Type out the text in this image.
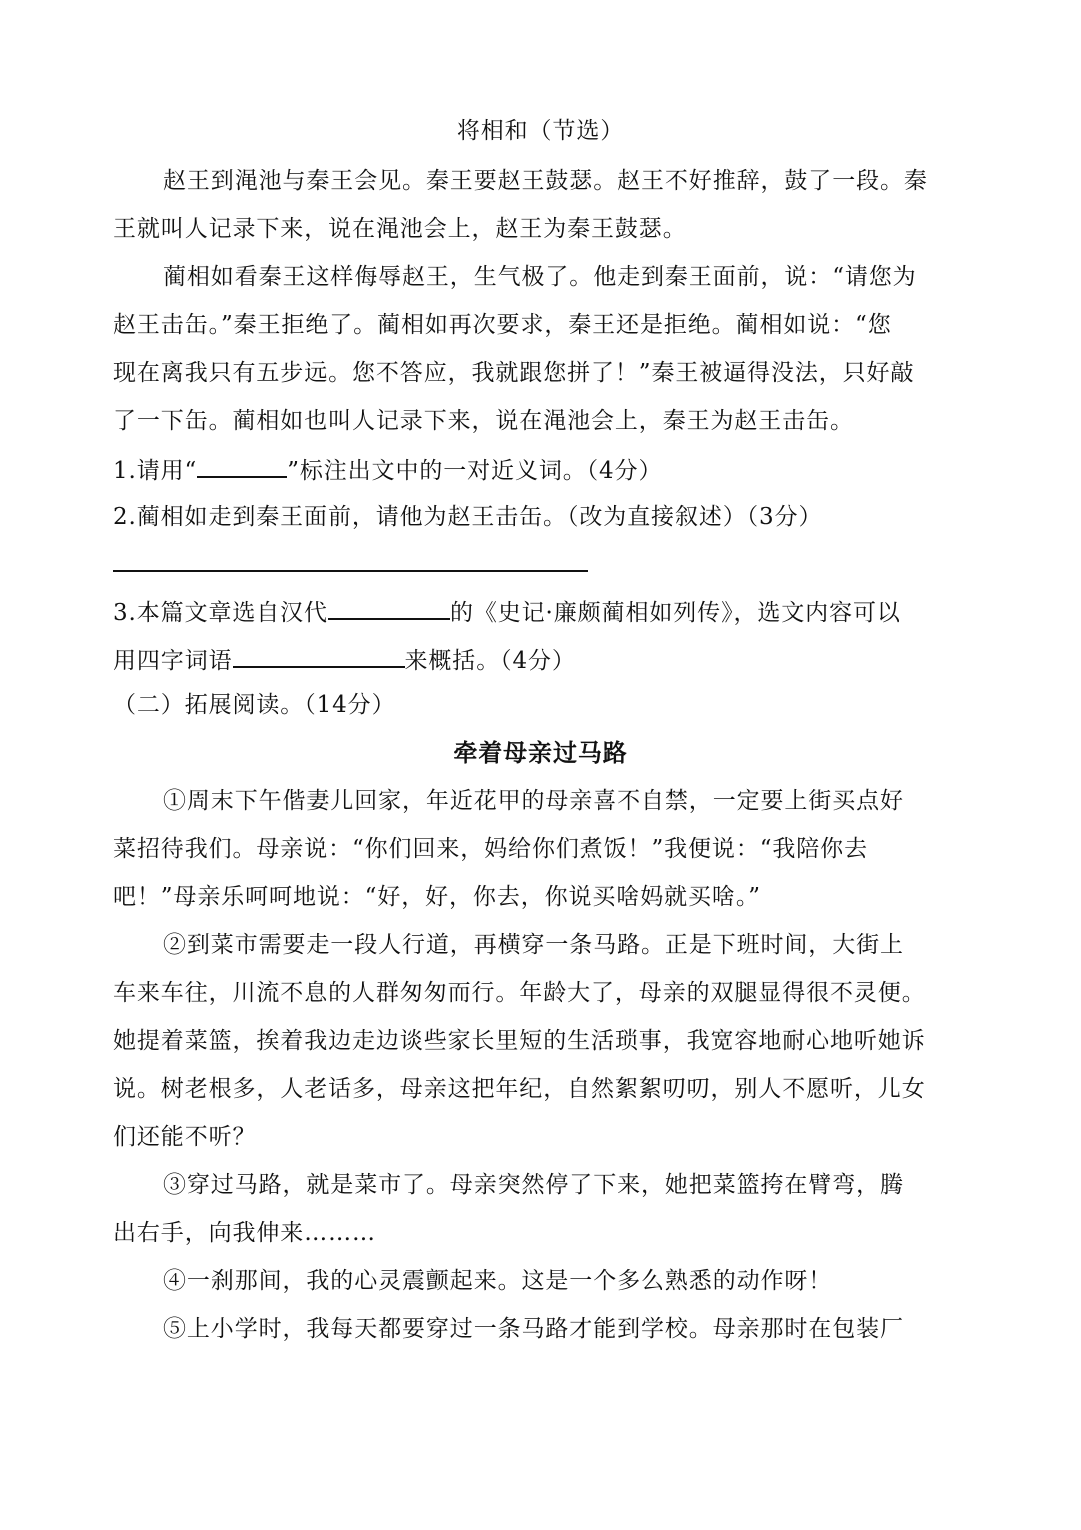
将相和（节选）
赵王到渑池与秦王会见。秦王要赵王鼓瑟。赵王不好推辞，鼓了一段。秦
王就叫人记录下来，说在渑池会上，赵王为秦王鼓瑟。
蔺相如看秦王这样侮辱赵王，生气极了。他走到秦王面前，说：“请您为
赵王击缶。”秦王拒绝了。蔺相如再次要求，秦王还是拒绝。蔺相如说：“您
现在离我只有五步远。您不答应，我就跟您拼了！”秦王被逼得没法，只好敲
了一下缶。蔺相如也叫人记录下来，说在渑池会上，秦王为赵王击缶。
1.请用“	”标注出文中的一对近义词。（4分）
2.蔺相如走到秦王面前，请他为赵王击缶。（改为直接叙述）（3分）
3.本篇文章选自汉代	的《史记·廉颇蔺相如列传》，选文内容可以
用四字词语	来概括。（4分）
（二）拓展阅读。（14分）
牵着母亲过马路
①周末下午偕妻儿回家，年近花甲的母亲喜不自禁，一定要上街买点好
菜招待我们。母亲说：“你们回来，妈给你们煮饭！”我便说：“我陪你去
吧！”母亲乐呵呵地说：“好，好，你去，你说买啥妈就买啥。”
②到菜市需要走一段人行道，再横穿一条马路。正是下班时间，大街上
车来车往，川流不息的人群匆匆而行。年龄大了，母亲的双腿显得很不灵便。
她提着菜篮，挨着我边走边谈些家长里短的生活琐事，我宽容地耐心地听她诉
说。树老根多，人老话多，母亲这把年纪，自然絮絮叨叨，别人不愿听，儿女
们还能不听？
③穿过马路，就是菜市了。母亲突然停了下来，她把菜篮挎在臂弯，腾
出右手，向我伸来………
④一刹那间，我的心灵震颤起来。这是一个多么熟悉的动作呀！
⑤上小学时，我每天都要穿过一条马路才能到学校。母亲那时在包装厂
